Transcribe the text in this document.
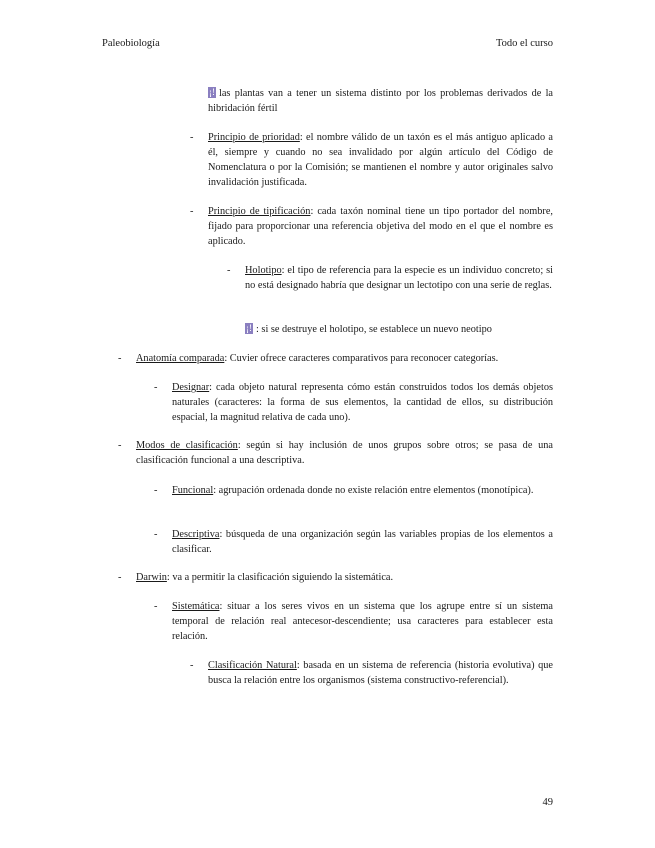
Paleobiología	Todo el curso
¡! las plantas van a tener un sistema distinto por los problemas derivados de la hibridación fértil
- Principio de prioridad: el nombre válido de un taxón es el más antiguo aplicado a él, siempre y cuando no sea invalidado por algún artículo del Código de Nomenclatura o por la Comisión; se mantienen el nombre y autor originales salvo invalidación justificada.
- Principio de tipificación: cada taxón nominal tiene un tipo portador del nombre, fijado para proporcionar una referencia objetiva del modo en el que el nombre es aplicado.
- Holotipo: el tipo de referencia para la especie es un individuo concreto; si no está designado habría que designar un lectotipo con una serie de reglas.
¡! : si se destruye el holotipo, se establece un nuevo neotipo
- Anatomía comparada: Cuvier ofrece caracteres comparativos para reconocer categorías.
- Designar: cada objeto natural representa cómo están construidos todos los demás objetos naturales (caracteres: la forma de sus elementos, la cantidad de ellos, su distribución espacial, la magnitud relativa de cada uno).
- Modos de clasificación: según si hay inclusión de unos grupos sobre otros; se pasa de una clasificación funcional a una descriptiva.
- Funcional: agrupación ordenada donde no existe relación entre elementos (monotípica).
- Descriptiva: búsqueda de una organización según las variables propias de los elementos a clasificar.
- Darwin: va a permitir la clasificación siguiendo la sistemática.
- Sistemática: situar a los seres vivos en un sistema que los agrupe entre sí un sistema temporal de relación real antecesor-descendiente; usa caracteres para establecer esta relación.
- Clasificación Natural: basada en un sistema de referencia (historia evolutiva) que busca la relación entre los organismos (sistema constructivo-referencial).
49
